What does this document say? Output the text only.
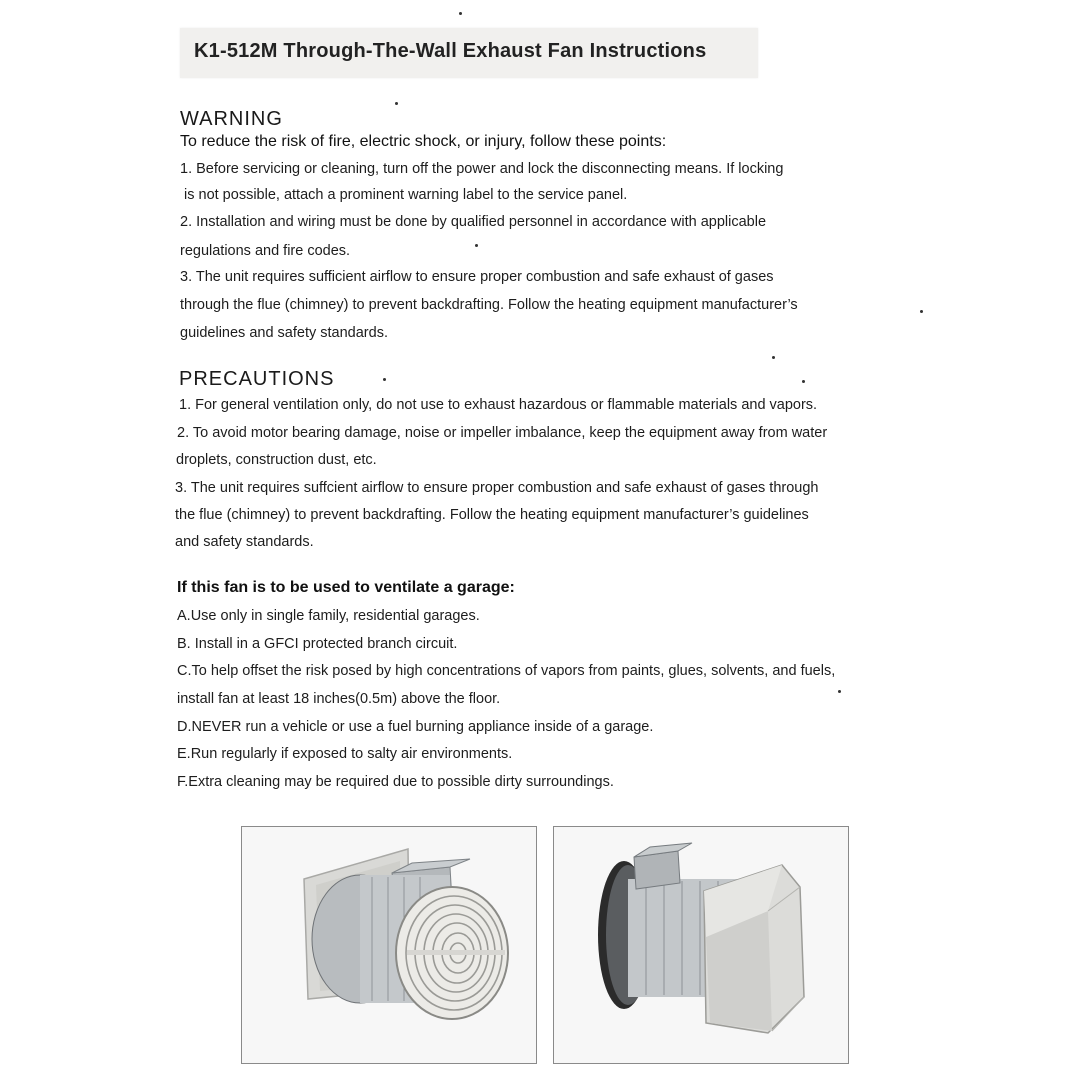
K1-512M Through-The-Wall Exhaust Fan Instructions
WARNING
To reduce the risk of fire, electric shock, or injury, follow these points:
1. Before servicing or cleaning, turn off the power and lock the disconnecting means. If locking
is not possible, attach a prominent warning label to the service panel.
2. Installation and wiring must be done by qualified personnel in accordance with applicable
regulations and fire codes.
3. The unit requires sufficient airflow to ensure proper combustion and safe exhaust of gases
through the flue (chimney) to prevent backdrafting. Follow the heating equipment manufacturer’s
guidelines and safety standards.
PRECAUTIONS
1. For general ventilation only, do not use to exhaust hazardous or flammable materials and vapors.
2. To avoid motor bearing damage, noise or impeller imbalance, keep the equipment away from water
droplets, construction dust, etc.
3. The unit requires suffcient airflow to ensure proper combustion and safe exhaust of gases through
the flue (chimney) to prevent backdrafting. Follow the heating equipment manufacturer’s guidelines
and safety standards.
If this fan is to be used to ventilate a garage:
A.Use only in single family, residential garages.
B. Install in a GFCI protected branch circuit.
C.To help offset the risk posed by high concentrations of vapors from paints, glues, solvents, and fuels,
install fan at least 18 inches(0.5m) above the floor.
D.NEVER run a vehicle or use a fuel burning appliance inside of a garage.
E.Run regularly if exposed to salty air environments.
F.Extra cleaning may be required due to possible dirty surroundings.
